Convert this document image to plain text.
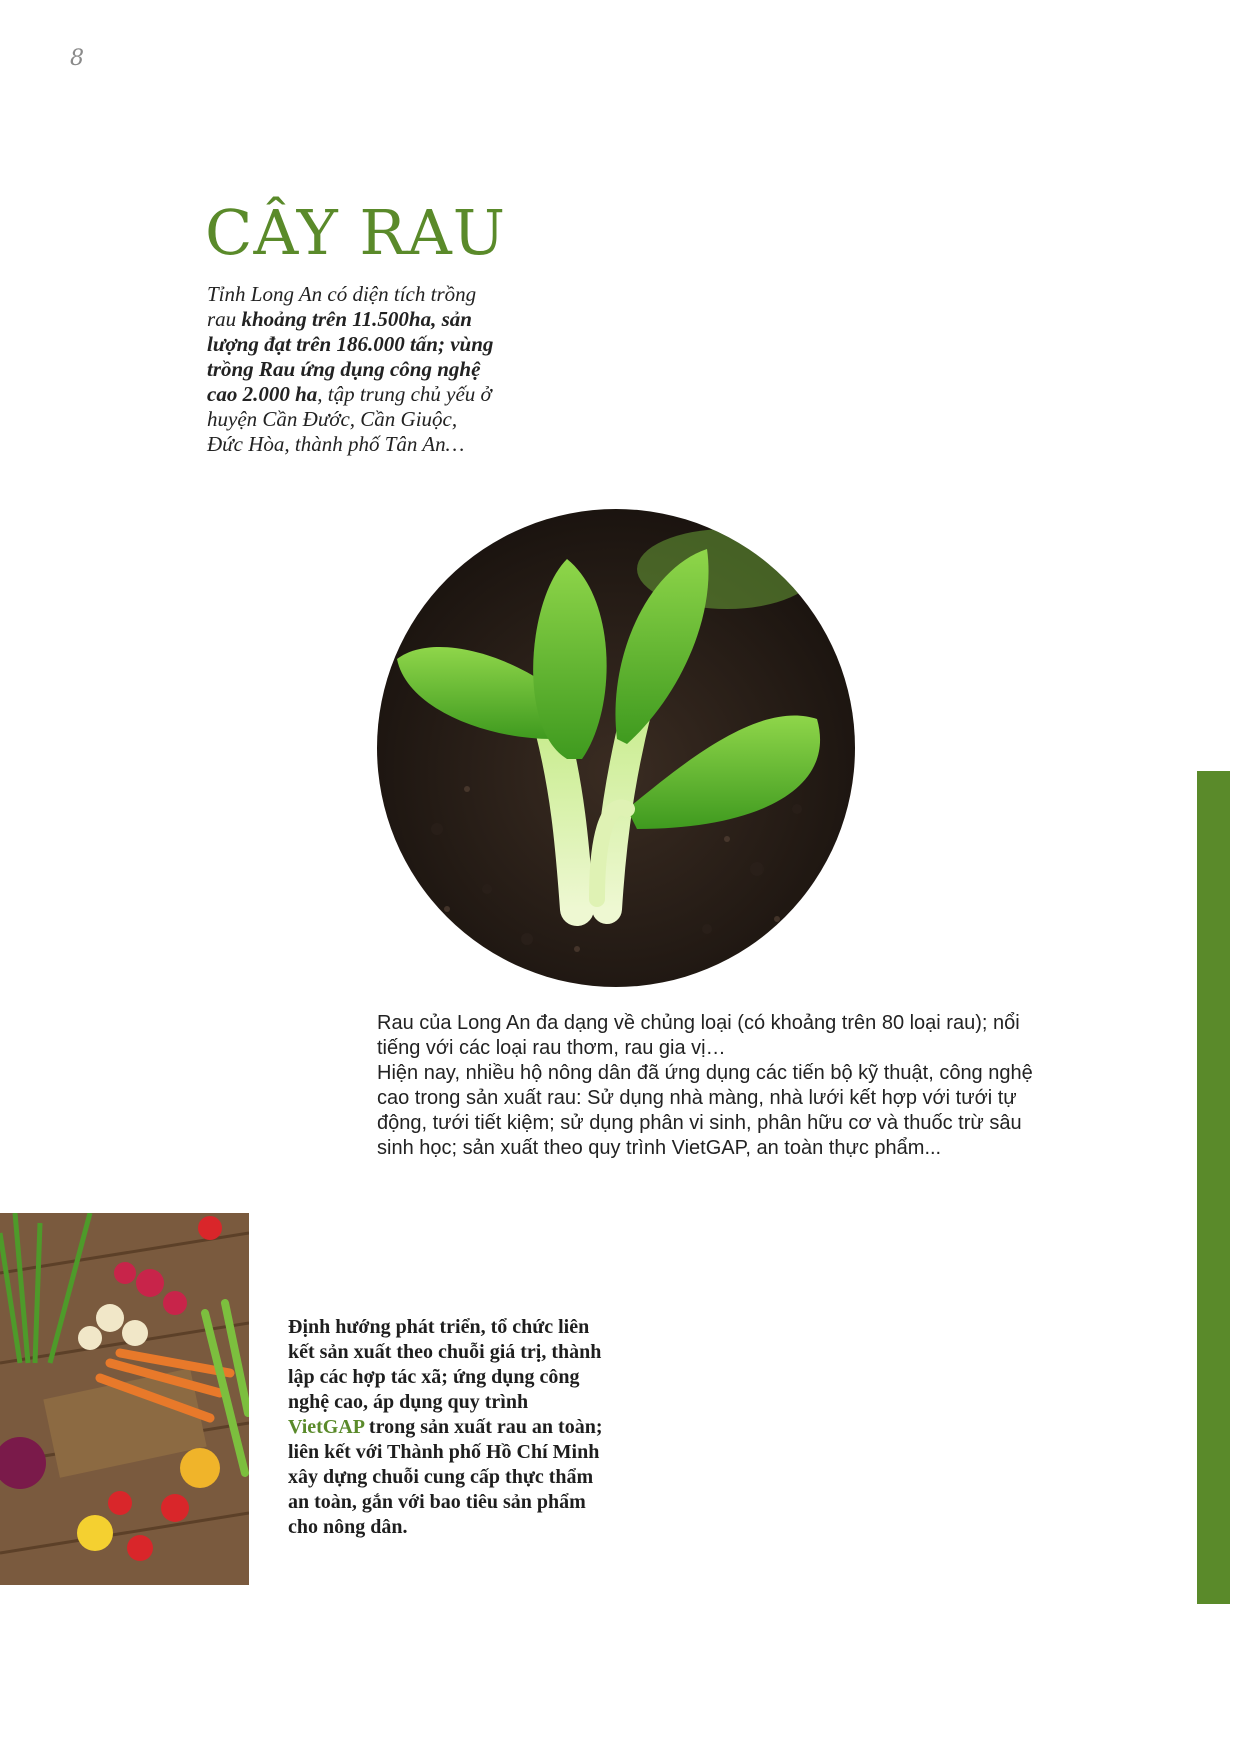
8
CÂY RAU
Tỉnh Long An có diện tích trồng rau khoảng trên 11.500ha, sản lượng đạt trên 186.000 tấn; vùng trồng Rau ứng dụng công nghệ cao 2.000 ha, tập trung chủ yếu ở huyện Cần Đước, Cần Giuộc, Đức Hòa, thành phố Tân An…

Rau của Long An đa dạng về chủng loại (có khoảng trên 80 loại rau); nổi tiếng với các loại rau thơm, rau gia vị…

Hiện nay, nhiều hộ nông dân đã ứng dụng các tiến bộ kỹ thuật, công nghệ cao trong sản xuất rau: Sử dụng nhà màng, nhà lưới kết hợp với tưới tự động, tưới tiết kiệm; sử dụng phân vi sinh, phân hữu cơ và thuốc trừ sâu sinh học; sản xuất theo quy trình VietGAP, an toàn thực phẩm...

Định hướng phát triển, tổ chức liên kết sản xuất theo chuỗi giá trị, thành lập các hợp tác xã; ứng dụng công nghệ cao, áp dụng quy trình VietGAP trong sản xuất rau an toàn; liên kết với Thành phố Hồ Chí Minh xây dựng chuỗi cung cấp thực thẩm an toàn, gắn với bao tiêu sản phẩm cho nông dân.
